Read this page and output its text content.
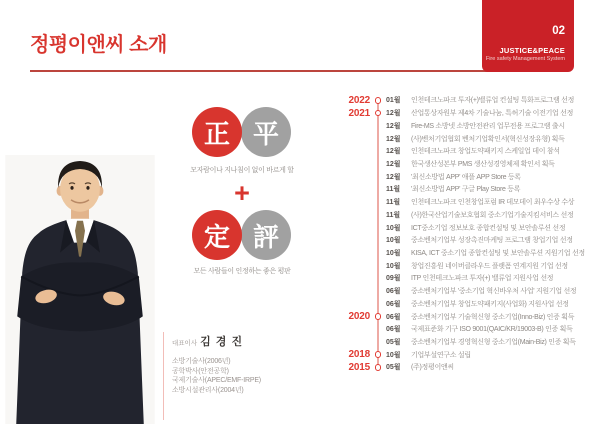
정평이앤씨 소개
02
JUSTICE&PEACE
Fire safety Management System
正 平
모자람이나 지나침이 없이 바르게 할
+
定 評
모든 사람들이 인정하는 좋은 평판
대표이사 김 경 진
소방기술사(2006년)
공학박사(안전공학)
국제기술사(APEC/EMF-IRPE)
소방시설관리사(2004년)
2022 01월	인천테크노파크 투자(+)밸류업 컨설팅 특화프로그램 선정
2021 12월	산업통상자원부 제4차 기술나눔, 특허기술 이전기업 선정
12월	Fire-MS 소방넷 소방안전관리 업무전용 프로그램 출시
12월	(사)벤처기업협회 벤처기업확인서(혁신성장유형) 획득
12월	인천테크노파크 창업도약패키지 스케일업 데이 참석
12월	한국생산성본부 PMS 생산성경영체제 확인서 획득
12월	'최신소방법 APP' 애플 APP Store 등록
11월	'최신소방법 APP' 구글 Play Store 등록
11월	인천테크노파크 인천창업포럼 IR 데모데이 최우수상 수상
11월	(사)한국산업기술보호협회 중소기업기술지킴서비스 선정
10월	ICT중소기업 정보보호 종합컨설팅 및 보안솔루션 선정
10월	중소벤처기업부 성장촉진마케팅 프로그램 창업기업 선정
10월	KISA, ICT 중소기업 종합컨설팅 및 보안솔루션 지원기업 선정
10월	창업진흥원 네이버클라우드 플랫폼 연계지원 기업 선정
09월	ITP 인천테크노파크 투자(+) 밸류업 지원사업 선정
06월	중소벤처기업부 '중소기업 혁신바우처 사업' 지원기업 선정
06월	중소벤처기업부 창업도약패키지(사업화) 지원사업 선정
2020 06월	중소벤처기업부 기술혁신형 중소기업(Inno-Biz) 인증 획득
06월	국제표준화 기구 ISO 9001(QAIC/KR/19003-B) 인증 획득
05월	중소벤처기업부 경영혁신형 중소기업(Main-Biz) 인증 획득
2018 10월	기업부설연구소 설립
2015 05월	(주)정평이앤씨
